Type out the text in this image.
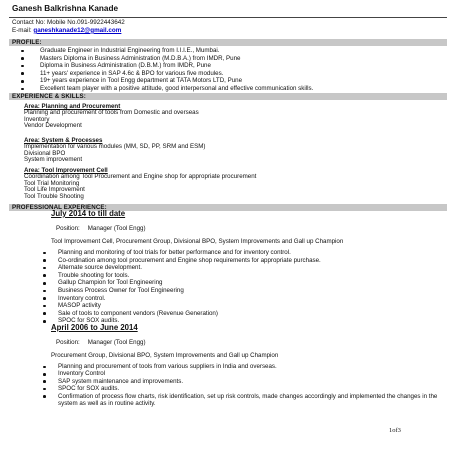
Ganesh Balkrishna Kanade
Contact No: Mobile No.091-9922443642
E-mail: ganeshkanade12@gmail.com
PROFILE:
Graduate Engineer in Industrial Engineering from I.I.I.E., Mumbai.
Masters Diploma in Business Administration (M.D.B.A.) from IMDR, Pune
Diploma in Business Administration (D.B.M.) from IMDR, Pune
11+ years' experience in SAP 4.6c & BPO for various five modules.
19+ years experience in Tool Engg department at TATA Motors LTD, Pune
Excellent team player with a positive attitude, good interpersonal and effective communication skills.
EXPERIENCE & SKILLS:
Area: Planning and Procurement
Planning and procurement of tools from Domestic and overseas
Inventory
Vendor Development
Area: System & Processes
Implementation for various modules (MM, SD, PP, SRM and ESM)
Divisional BPO
System improvement
Area: Tool Improvement Cell
Coordination among Tool Procurement and Engine shop for appropriate procurement
Tool Trial Monitoring
Tool Life Improvement
Tool Trouble Shooting
PROFESSIONAL EXPERIENCE:
July 2014 to till date
Position: Manager (Tool Engg)
Tool Improvement Cell, Procurement Group, Divisional BPO, System Improvements and Gall up Champion
Planning and monitoring of tool trials for better performance and for inventory control.
Co-ordination among tool procurement and Engine shop requirements for appropriate purchase.
Alternate source development.
Trouble shooting for tools.
Gallup Champion for Tool Engineering
Business Process Owner for Tool Engineering
Inventory control.
MASOP activity
Sale of tools to component vendors (Revenue Generation)
SPOC for SOX audits.
April 2006 to June 2014
Position: Manager (Tool Engg)
Procurement Group, Divisional BPO, System Improvements and Gall up Champion
Planning and procurement of tools from various suppliers in India and overseas.
Inventory Control
SAP system maintenance and improvements.
SPOC for SOX audits.
Confirmation of process flow charts, risk identification, set up risk controls, made changes accordingly and implemented the changes in the system as well as in routine activity.
1of3
